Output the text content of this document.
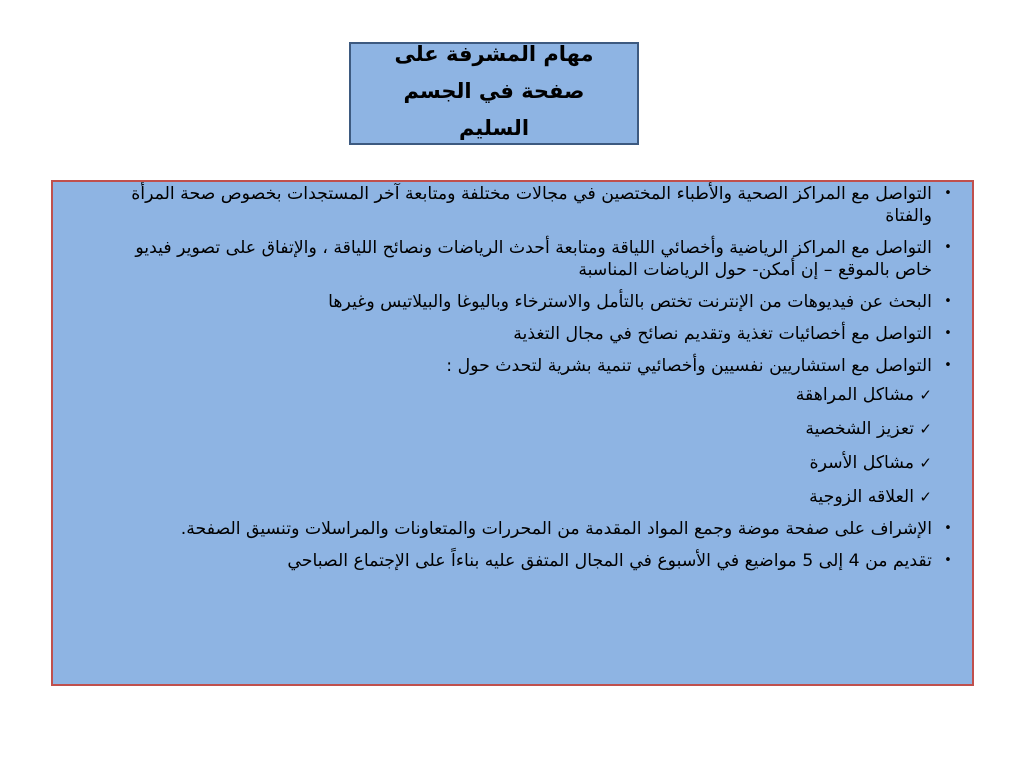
مهام المشرفة على صفحة في الجسم السليم

•
التواصل مع المراكز الصحية والأطباء المختصين في مجالات مختلفة ومتابعة آخر المستجدات بخصوص صحة المرأة والفتاة
•
التواصل مع المراكز الرياضية وأخصائي اللياقة ومتابعة أحدث الرياضات ونصائح اللياقة ، والإتفاق على تصوير فيديو خاص بالموقع – إن أمكن- حول الرياضات المناسبة
•
البحث عن فيديوهات من الإنترنت تختص بالتأمل والاسترخاء وباليوغا والبيلاتيس وغيرها
•
التواصل مع أخصائيات تغذية وتقديم نصائح في مجال التغذية
•
التواصل مع استشاريين نفسيين وأخصائيي تنمية بشرية لتحدث حول :
✓
مشاكل المراهقة
✓
تعزيز الشخصية
✓
مشاكل الأسرة
✓
العلاقه الزوجية
•
الإشراف على صفحة موضة وجمع المواد المقدمة من المحررات والمتعاونات والمراسلات وتنسيق الصفحة.
•
تقديم من 4 إلى 5 مواضيع في الأسبوع في المجال المتفق عليه بناءاً على الإجتماع الصباحي
